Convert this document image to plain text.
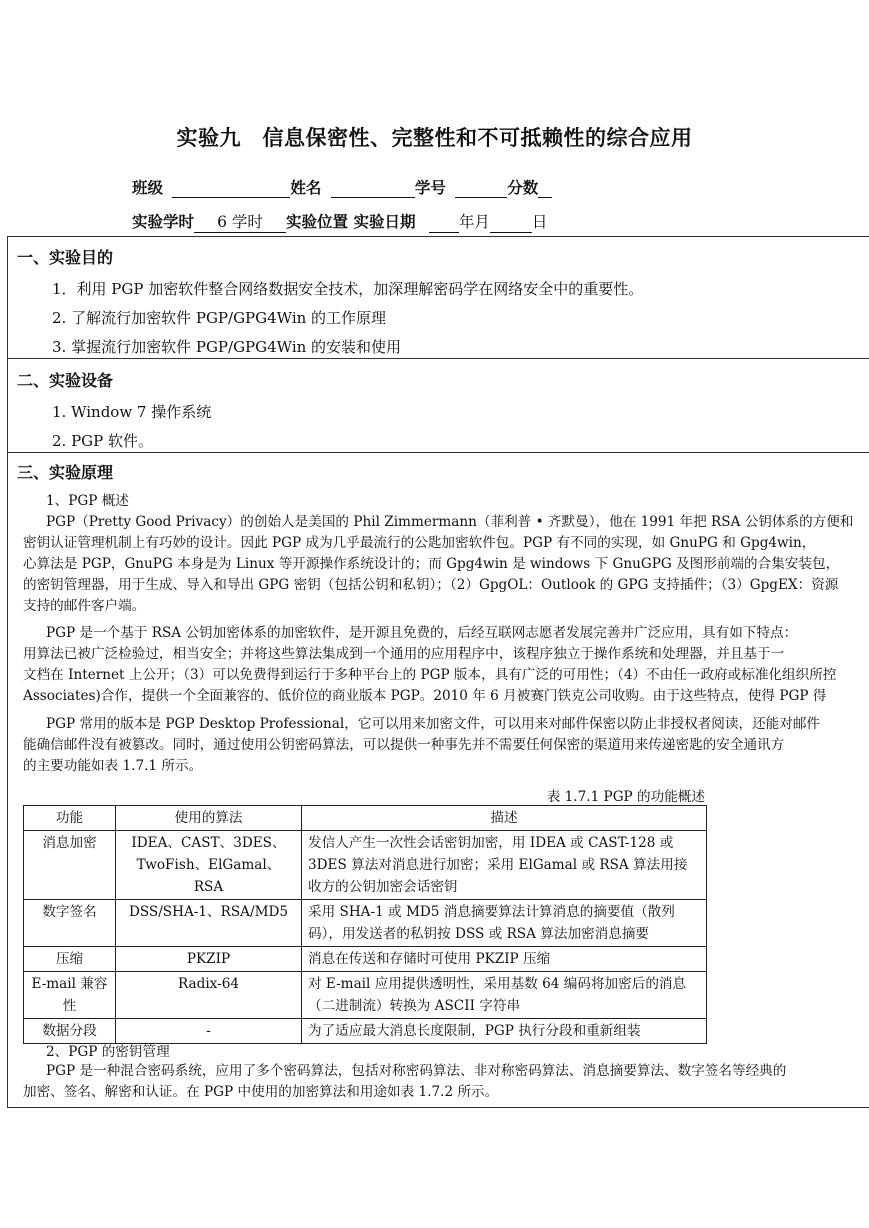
实验九　信息保密性、完整性和不可抵赖性的综合应用
班级	姓名	学号	分数
实验学时 6 学时 实验位置 实验日期	年月	日
一、实验目的
1．利用 PGP 加密软件整合网络数据安全技术，加深理解密码学在网络安全中的重要性。
2. 了解流行加密软件 PGP/GPG4Win 的工作原理
3. 掌握流行加密软件 PGP/GPG4Win 的安装和使用
二、实验设备
1. Window 7 操作系统
2. PGP 软件。
三、实验原理
1、PGP 概述
PGP（Pretty Good Privacy）的创始人是美国的 Phil Zimmermann（菲利普 • 齐默曼），他在 1991 年把 RSA 公钥体系的方便和
密钥认证管理机制上有巧妙的设计。因此 PGP 成为几乎最流行的公匙加密软件包。PGP 有不同的实现，如 GnuPG 和 Gpg4win，
心算法是 PGP，GnuPG 本身是为 Linux 等开源操作系统设计的；而 Gpg4win 是 windows 下 GnuGPG 及图形前端的合集安装包，
的密钥管理器，用于生成、导入和导出 GPG 密钥（包括公钥和私钥）；（2）GpgOL：Outlook 的 GPG 支持插件；（3）GpgEX：资源
支持的邮件客户端。
PGP 是一个基于 RSA 公钥加密体系的加密软件，是开源且免费的，后经互联网志愿者发展完善并广泛应用，具有如下特点：
用算法已被广泛检验过，相当安全；并将这些算法集成到一个通用的应用程序中，该程序独立于操作系统和处理器，并且基于一
文档在 Internet 上公开；（3）可以免费得到运行于多种平台上的 PGP 版本，具有广泛的可用性；（4）不由任一政府或标准化组织所控
Associates)合作，提供一个全面兼容的、低价位的商业版本 PGP。2010 年 6 月被赛门铁克公司收购。由于这些特点，使得 PGP 得
PGP 常用的版本是 PGP Desktop Professional，它可以用来加密文件，可以用来对邮件保密以防止非授权者阅读，还能对邮件
能确信邮件没有被篡改。同时，通过使用公钥密码算法，可以提供一种事先并不需要任何保密的渠道用来传递密匙的安全通讯方
的主要功能如表 1.7.1 所示。
2、PGP 的密钥管理
PGP 是一种混合密码系统，应用了多个密码算法，包括对称密码算法、非对称密码算法、消息摘要算法、数字签名等经典的
加密、签名、解密和认证。在 PGP 中使用的加密算法和用途如表 1.7.2 所示。
表 1.7.1 PGP 的功能概述
功能	使用的算法	描述
消息加密	IDEA、CAST、3DES、TwoFish、ElGamal、RSA	发信人产生一次性会话密钥加密，用 IDEA 或 CAST-128 或 3DES 算法对消息进行加密；采用 ElGamal 或 RSA 算法用接收方的公钥加密会话密钥
数字签名	DSS/SHA-1、RSA/MD5	采用 SHA-1 或 MD5 消息摘要算法计算消息的摘要值（散列码），用发送者的私钥按 DSS 或 RSA 算法加密消息摘要
压缩	PKZIP	消息在传送和存储时可使用 PKZIP 压缩
E-mail 兼容性	Radix-64	对 E-mail 应用提供透明性，采用基数 64 编码将加密后的消息（二进制流）转换为 ASCII 字符串
数据分段	-	为了适应最大消息长度限制，PGP 执行分段和重新组装
